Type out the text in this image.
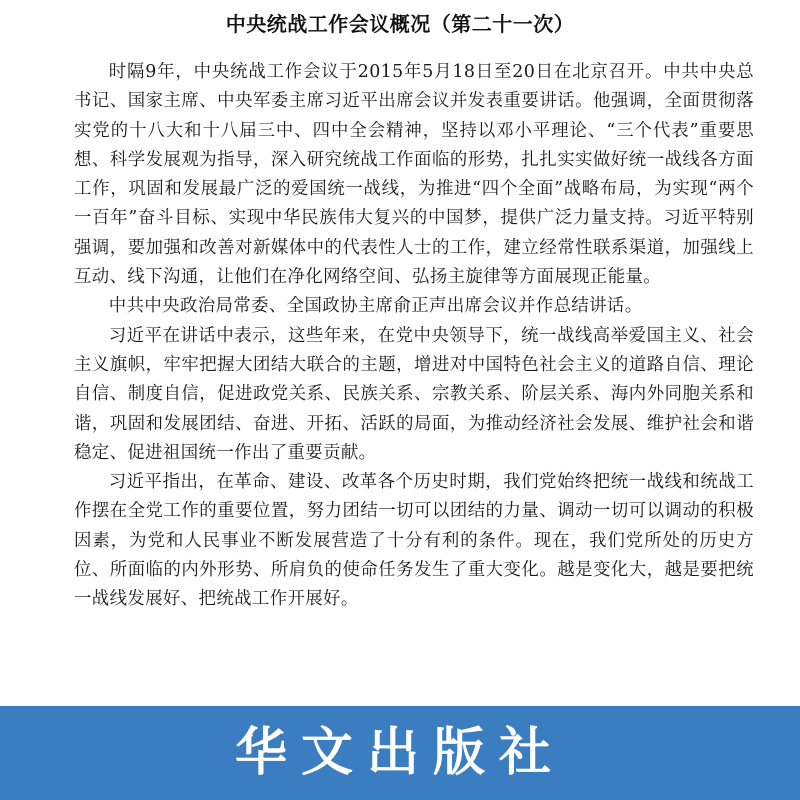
中央统战工作会议概况（第二十一次）

时隔9年，中央统战工作会议于2015年5月18日至20日在北京召开。中共中央总书记、国家主席、中央军委主席习近平出席会议并发表重要讲话。他强调，全面贯彻落实党的十八大和十八届三中、四中全会精神，坚持以邓小平理论、“三个代表”重要思想、科学发展观为指导，深入研究统战工作面临的形势，扎扎实实做好统一战线各方面工作，巩固和发展最广泛的爱国统一战线，为推进“四个全面”战略布局，为实现“两个一百年”奋斗目标、实现中华民族伟大复兴的中国梦，提供广泛力量支持。习近平特别强调，要加强和改善对新媒体中的代表性人士的工作，建立经常性联系渠道，加强线上互动、线下沟通，让他们在净化网络空间、弘扬主旋律等方面展现正能量。

中共中央政治局常委、全国政协主席俞正声出席会议并作总结讲话。

习近平在讲话中表示，这些年来，在党中央领导下，统一战线高举爱国主义、社会主义旗帜，牢牢把握大团结大联合的主题，增进对中国特色社会主义的道路自信、理论自信、制度自信，促进政党关系、民族关系、宗教关系、阶层关系、海内外同胞关系和谐，巩固和发展团结、奋进、开拓、活跃的局面，为推动经济社会发展、维护社会和谐稳定、促进祖国统一作出了重要贡献。

习近平指出，在革命、建设、改革各个历史时期，我们党始终把统一战线和统战工作摆在全党工作的重要位置，努力团结一切可以团结的力量、调动一切可以调动的积极因素，为党和人民事业不断发展营造了十分有利的条件。现在，我们党所处的历史方位、所面临的内外形势、所肩负的使命任务发生了重大变化。越是变化大，越是要把统一战线发展好、把统战工作开展好。

华文出版社
